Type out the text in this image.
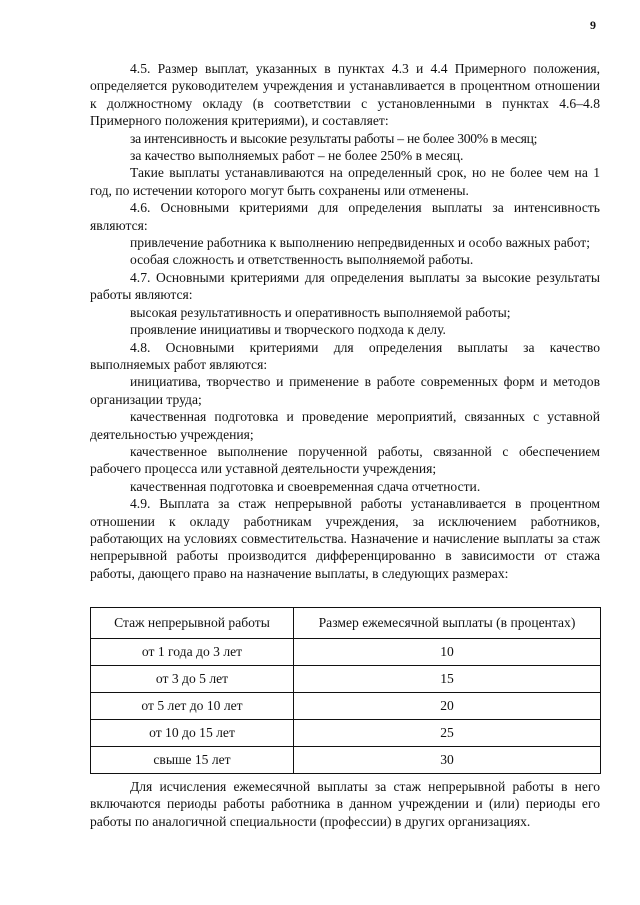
9

4.5. Размер выплат, указанных в пунктах 4.3 и 4.4 Примерного положения, определяется руководителем учреждения и устанавливается в процентном отношении к должностному окладу (в соответствии с установленными в пунктах 4.6–4.8 Примерного положения критериями), и составляет:

за интенсивность и высокие результаты работы – не более 300% в месяц;

за качество выполняемых работ – не более 250% в месяц.

Такие выплаты устанавливаются на определенный срок, но не более чем на 1 год, по истечении которого могут быть сохранены или отменены.

4.6. Основными критериями для определения выплаты за интенсивность являются:

привлечение работника к выполнению непредвиденных и особо важных работ;

особая сложность и ответственность выполняемой работы.

4.7. Основными критериями для определения выплаты за высокие результаты работы являются:

высокая результативность и оперативность выполняемой работы;

проявление инициативы и творческого подхода к делу.

4.8. Основными критериями для определения выплаты за качество выполняемых работ являются:

инициатива, творчество и применение в работе современных форм и методов организации труда;

качественная подготовка и проведение мероприятий, связанных с уставной деятельностью учреждения;

качественное выполнение порученной работы, связанной с обеспечением рабочего процесса или уставной деятельности учреждения;

качественная подготовка и своевременная сдача отчетности.

4.9. Выплата за стаж непрерывной работы устанавливается в процентном отношении к окладу работникам учреждения, за исключением работников, работающих на условиях совместительства. Назначение и начисление выплаты за стаж непрерывной работы производится дифференцированно в зависимости от стажа работы, дающего право на назначение выплаты, в следующих размерах:

Стаж непрерывной работы	Размер ежемесячной выплаты (в процентах)
от 1 года до 3 лет	10
от 3 до 5 лет	15
от 5 лет до 10 лет	20
от 10 до 15 лет	25
свыше 15 лет	30

Для исчисления ежемесячной выплаты за стаж непрерывной работы в него включаются периоды работы работника в данном учреждении и (или) периоды его работы по аналогичной специальности (профессии) в других организациях.
